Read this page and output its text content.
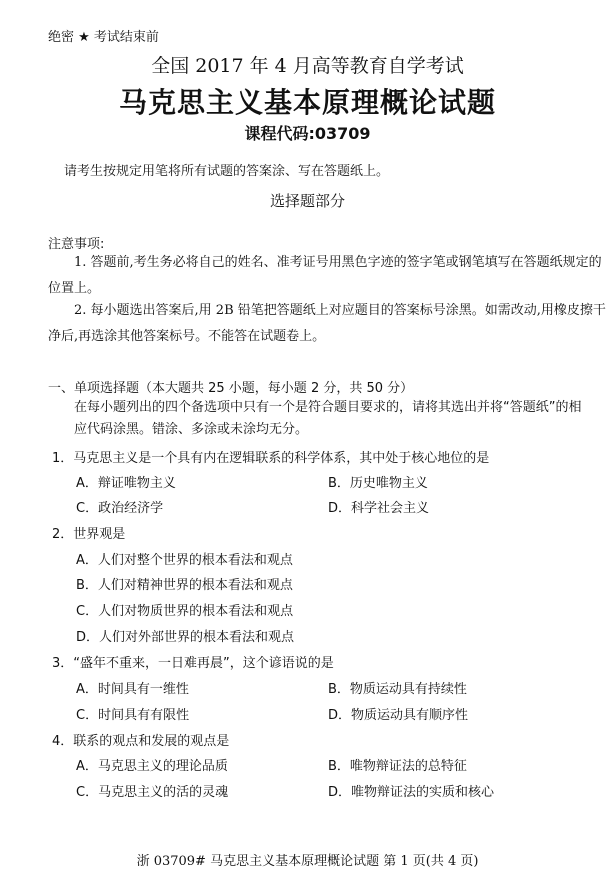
绝密 ★ 考试结束前
全国 2017 年 4 月高等教育自学考试
马克思主义基本原理概论试题
课程代码:03709
请考生按规定用笔将所有试题的答案涂、写在答题纸上。
选择题部分
注意事项:
1. 答题前,考生务必将自己的姓名、准考证号用黑色字迹的签字笔或钢笔填写在答题纸规定的位置上。
2. 每小题选出答案后,用 2B 铅笔把答题纸上对应题目的答案标号涂黑。如需改动,用橡皮擦干净后,再选涂其他答案标号。不能答在试题卷上。
一、单项选择题（本大题共 25 小题，每小题 2 分，共 50 分）
在每小题列出的四个备选项中只有一个是符合题目要求的，请将其选出并将“答题纸”的相应代码涂黑。错涂、多涂或未涂均无分。
1．马克思主义是一个具有内在逻辑联系的科学体系，其中处于核心地位的是
A．辩证唯物主义	B．历史唯物主义
C．政治经济学	D．科学社会主义
2．世界观是
A．人们对整个世界的根本看法和观点
B．人们对精神世界的根本看法和观点
C．人们对物质世界的根本看法和观点
D．人们对外部世界的根本看法和观点
3．“盛年不重来，一日难再晨”，这个谚语说的是
A．时间具有一维性	B．物质运动具有持续性
C．时间具有有限性	D．物质运动具有顺序性
4．联系的观点和发展的观点是
A．马克思主义的理论品质	B．唯物辩证法的总特征
C．马克思主义的活的灵魂	D．唯物辩证法的实质和核心
浙 03709# 马克思主义基本原理概论试题 第 1 页(共 4 页)
